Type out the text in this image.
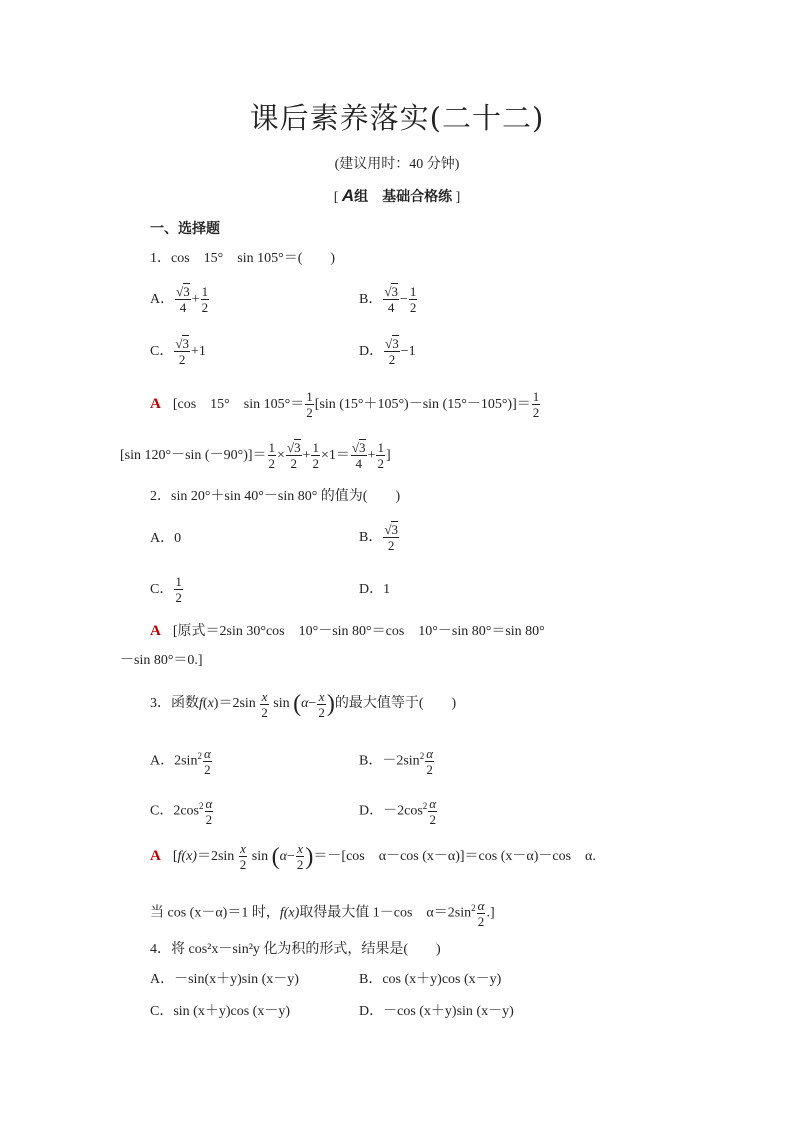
课后素养落实(二十二)
(建议用时：40 分钟)
[ A组　基础合格练 ]
一、选择题
1．cos　15°　sin 105°＝(　　)
A． $\frac{√3}{4} + \frac{1}{2}$	B． $\frac{√3}{4} - \frac{1}{2}$
C． $\frac{√3}{2} +1$	D． $\frac{√3}{2} -1$
A [cos　15°　$\sin 105^\circ= \frac{1}{2} [\sin$ (15°＋105°)－sin $(15^\circ-105^\circ)]= \frac{1}{2}$
[sin 120°－sin $(-90^\circ)]= \frac{1}{2} \times \frac{√3}{2} + \frac{1}{2} \times 1= \frac{√3}{4} + \frac{1}{2}$ ]
2．sin 20°＋sin 40°－sin 80° 的值为(　　)
A．0	B． $\frac{√3}{2}$
C． $\frac{1}{2}$	D．1
A [原式＝2sin 30°cos　10°－sin 80°＝cos　10°－sin 80°＝sin 80°
－sin 80°＝0.]
3．函数$f(x)=2\sin \frac{x}{2}$ $\sin (\alpha- \frac{x}{2}$ )的最大值等于(　　)
A．$2\sin^2 \frac{\alpha}{2}$	B．$-2\sin^2 \frac{\alpha}{2}$
C．$2\cos^2 \frac{\alpha}{2}$	D．$-2\cos^2 \frac{\alpha}{2}$
A [$f(x)=2\sin \frac{x}{2}$ $\sin (\alpha- \frac{x}{2} )=-[\cos$　α－cos (x－α)]＝cos (x－α)－cos　α.
当 cos (x－α)＝1 时，f(x)取得最大值 1－cos　$\alpha=2\sin^2 \frac{\alpha}{2}$ .]
4．将 cos²x－sin²y 化为积的形式，结果是(　　)
A．－sin(x＋y)sin (x－y)	B．cos (x＋y)cos (x－y)
C．sin (x＋y)cos (x－y)	D．－cos (x＋y)sin (x－y)
